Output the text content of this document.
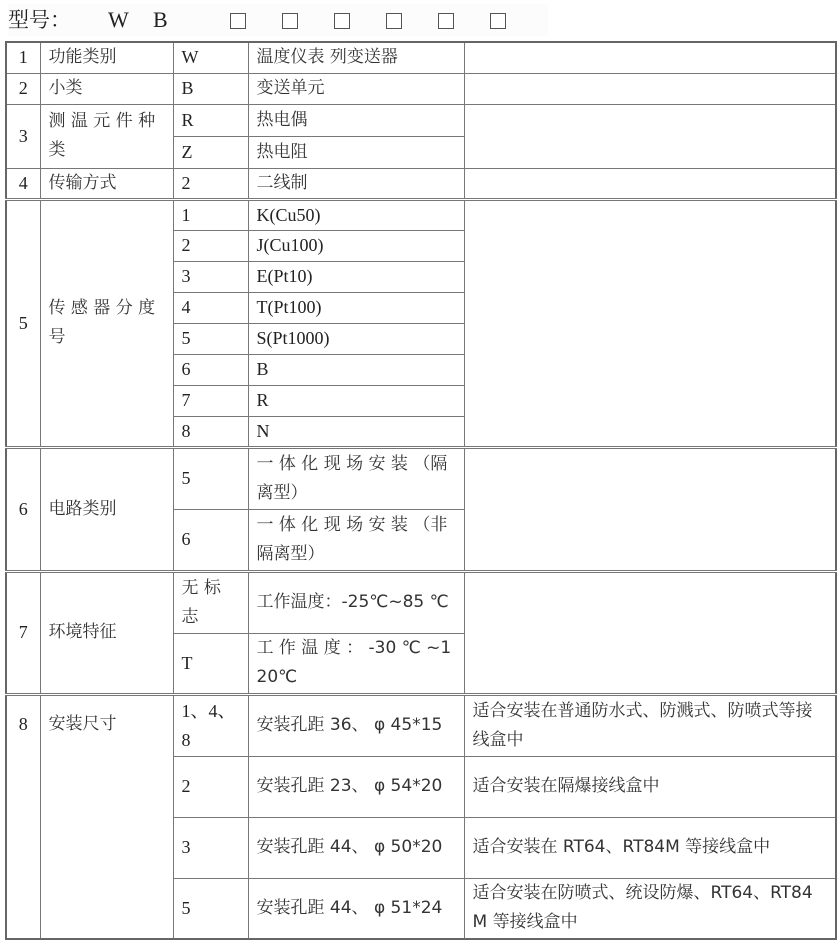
型号： W B
1	功能类别	W	温度仪表 列变送器	
2	小类	B	变送单元	
3	测 温 元 件 种类	R	热电偶	
		Z	热电阻	
4	传输方式	2	二线制	
5	传 感 器 分 度号	1	K(Cu50)	
		2	J(Cu100)	
		3	E(Pt10)	
		4	T(Pt100)	
		5	S(Pt1000)	
		6	B	
		7	R	
		8	N	
6	电路类别	5	一 体 化 现 场 安 装 （隔离型）	
		6	一 体 化 现 场 安 装 （非隔离型）	
7	环境特征	无 标 志	工作温度：-25℃~85 ℃	
		T	工 作 温 度 ： -30 ℃ ~120℃	
8	安装尺寸	1、4、8	安装孔距 36、 φ 45*15	适合安装在普通防水式、防溅式、防喷式等接线盒中
		2	安装孔距 23、 φ 54*20	适合安装在隔爆接线盒中
		3	安装孔距 44、 φ 50*20	适合安装在 RT64、RT84M 等接线盒中
		5	安装孔距 44、 φ 51*24	适合安装在防喷式、统设防爆、RT64、RT84M 等接线盒中
